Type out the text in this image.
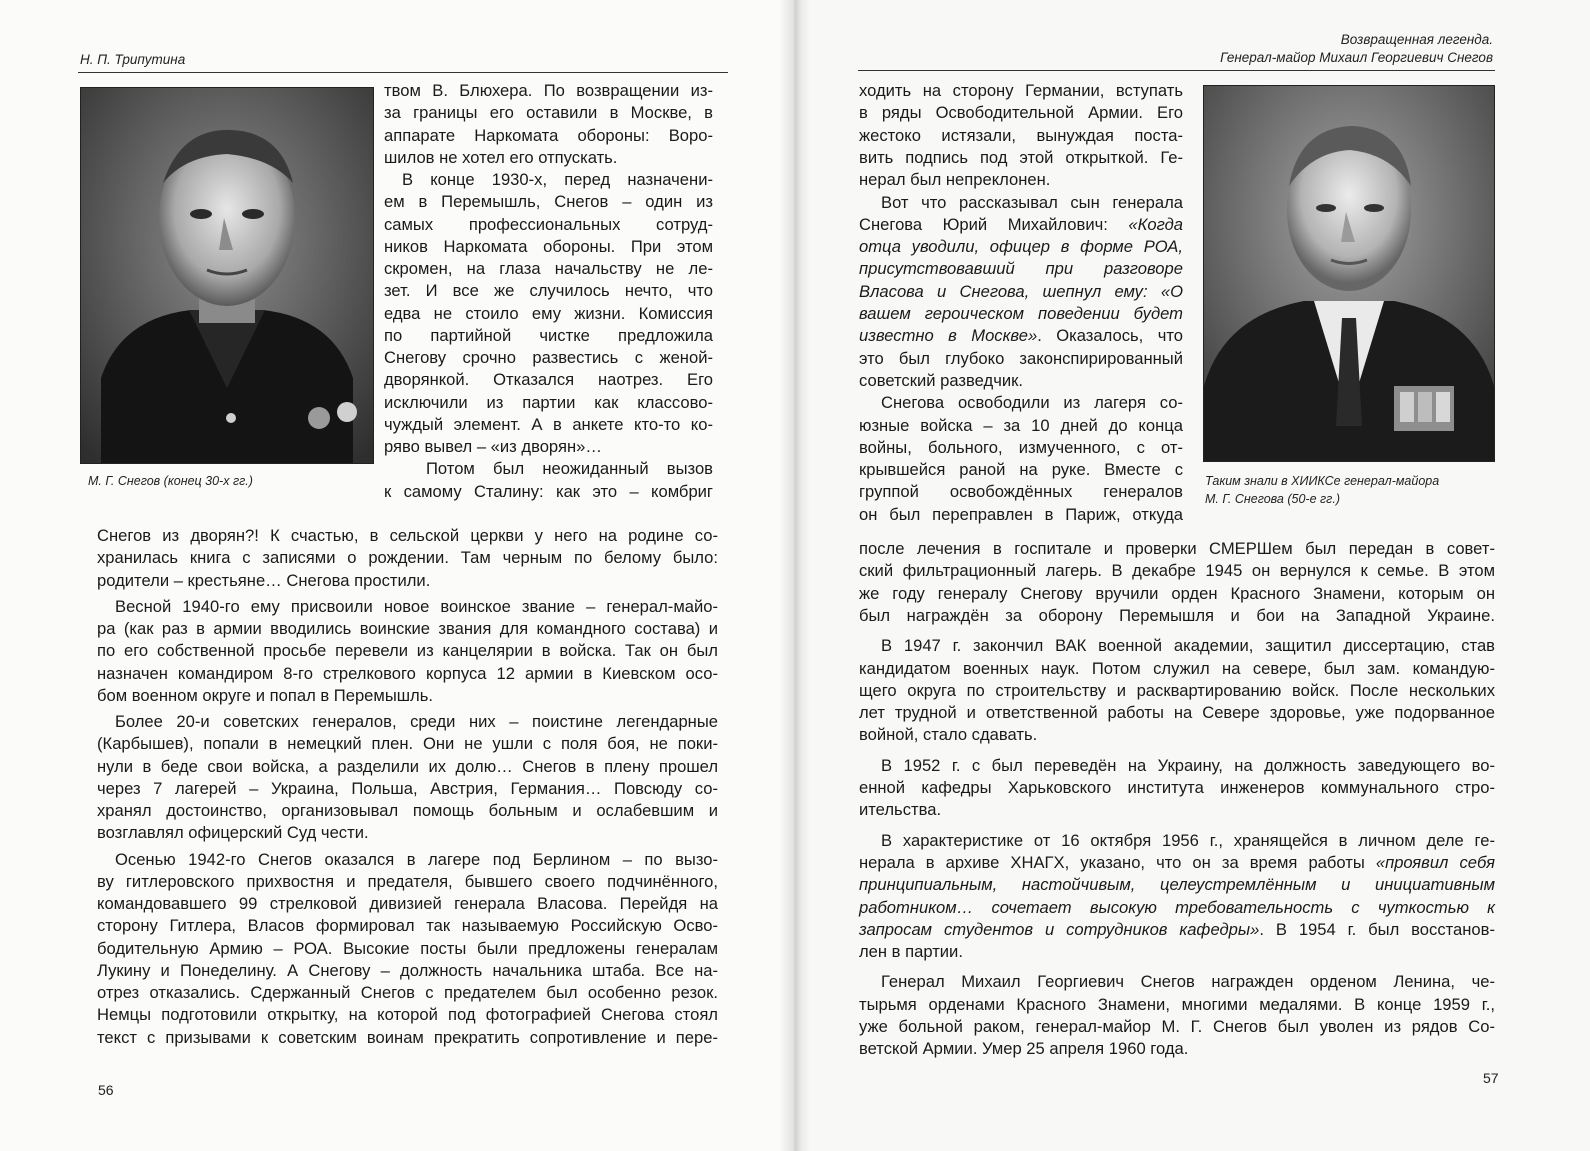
Н. П. Трипутина
М. Г. Снегов (конец 30-х гг.)
твом В. Блюхера. По возвращении из-
за границы его оставили в Москве, в
аппарате Наркомата обороны: Воро-
шилов не хотел его отпускать.
В конце 1930-х, перед назначени-
ем в Перемышль, Снегов – один из
самых профессиональных сотруд-
ников Наркомата обороны. При этом
скромен, на глаза начальству не ле-
зет. И все же случилось нечто, что
едва не стоило ему жизни. Комиссия
по партийной чистке предложила
Снегову срочно развестись с женой-
дворянкой. Отказался наотрез. Его
исключили из партии как классово-
чуждый элемент. А в анкете кто-то ко-
ряво вывел – «из дворян»…
Потом был неожиданный вызов
к самому Сталину: как это – комбриг
Снегов из дворян?! К счастью, в сельской церкви у него на родине со-
хранилась книга с записями о рождении. Там черным по белому было:
родители – крестьяне… Снегова простили.
Весной 1940-го ему присвоили новое воинское звание – генерал-майо-
ра (как раз в армии вводились воинские звания для командного состава) и
по его собственной просьбе перевели из канцелярии в войска. Так он был
назначен командиром 8-го стрелкового корпуса 12 армии в Киевском осо-
бом военном округе и попал в Перемышль.
Более 20-и советских генералов, среди них – поистине легендарные
(Карбышев), попали в немецкий плен. Они не ушли с поля боя, не поки-
нули в беде свои войска, а разделили их долю… Снегов в плену прошел
через 7 лагерей – Украина, Польша, Австрия, Германия… Повсюду со-
хранял достоинство, организовывал помощь больным и ослабевшим и
возглавлял офицерский Суд чести.
Осенью 1942-го Снегов оказался в лагере под Берлином – по вызо-
ву гитлеровского прихвостня и предателя, бывшего своего подчинённого,
командовавшего 99 стрелковой дивизией генерала Власова. Перейдя на
сторону Гитлера, Власов формировал так называемую Российскую Осво-
бодительную Армию – РОА. Высокие посты были предложены генералам
Лукину и Понеделину. А Снегову – должность начальника штаба. Все на-
отрез отказались. Сдержанный Снегов с предателем был особенно резок.
Немцы подготовили открытку, на которой под фотографией Снегова стоял
текст с призывами к советским воинам прекратить сопротивление и пере-
56
Возвращенная легенда.
Генерал-майор Михаил Георгиевич Снегов
Таким знали в ХИИКСе генерал-майора
М. Г. Снегова (50-е гг.)
ходить на сторону Германии, вступать
в ряды Освободительной Армии. Его
жестоко истязали, вынуждая поста-
вить подпись под этой открыткой. Ге-
нерал был непреклонен.
Вот что рассказывал сын генерала
Снегова Юрий Михайлович: «Когда
отца уводили, офицер в форме РОА,
присутствовавший при разговоре
Власова и Снегова, шепнул ему: «О
вашем героическом поведении будет
известно в Москве». Оказалось, что
это был глубоко законспирированный
советский разведчик.
Снегова освободили из лагеря со-
юзные войска – за 10 дней до конца
войны, больного, измученного, с от-
крывшейся раной на руке. Вместе с
группой освобождённых генералов
он был переправлен в Париж, откуда
после лечения в госпитале и проверки СМЕРШем был передан в совет-
ский фильтрационный лагерь. В декабре 1945 он вернулся к семье. В этом
же году генералу Снегову вручили орден Красного Знамени, которым он
был награждён за оборону Перемышля и бои на Западной Украине.
В 1947 г. закончил ВАК военной академии, защитил диссертацию, став
кандидатом военных наук. Потом служил на севере, был зам. командую-
щего округа по строительству и расквартированию войск. После нескольких
лет трудной и ответственной работы на Севере здоровье, уже подорванное
войной, стало сдавать.
В 1952 г. с был переведён на Украину, на должность заведующего во-
енной кафедры Харьковского института инженеров коммунального стро-
ительства.
В характеристике от 16 октября 1956 г., хранящейся в личном деле ге-
нерала в архиве ХНАГХ, указано, что он за время работы «проявил себя
принципиальным, настойчивым, целеустремлённым и инициативным
работником… сочетает высокую требовательность с чуткостью к
запросам студентов и сотрудников кафедры». В 1954 г. был восстанов-
лен в партии.
Генерал Михаил Георгиевич Снегов награжден орденом Ленина, че-
тырьмя орденами Красного Знамени, многими медалями. В конце 1959 г.,
уже больной раком, генерал-майор М. Г. Снегов был уволен из рядов Со-
ветской Армии. Умер 25 апреля 1960 года.
57
